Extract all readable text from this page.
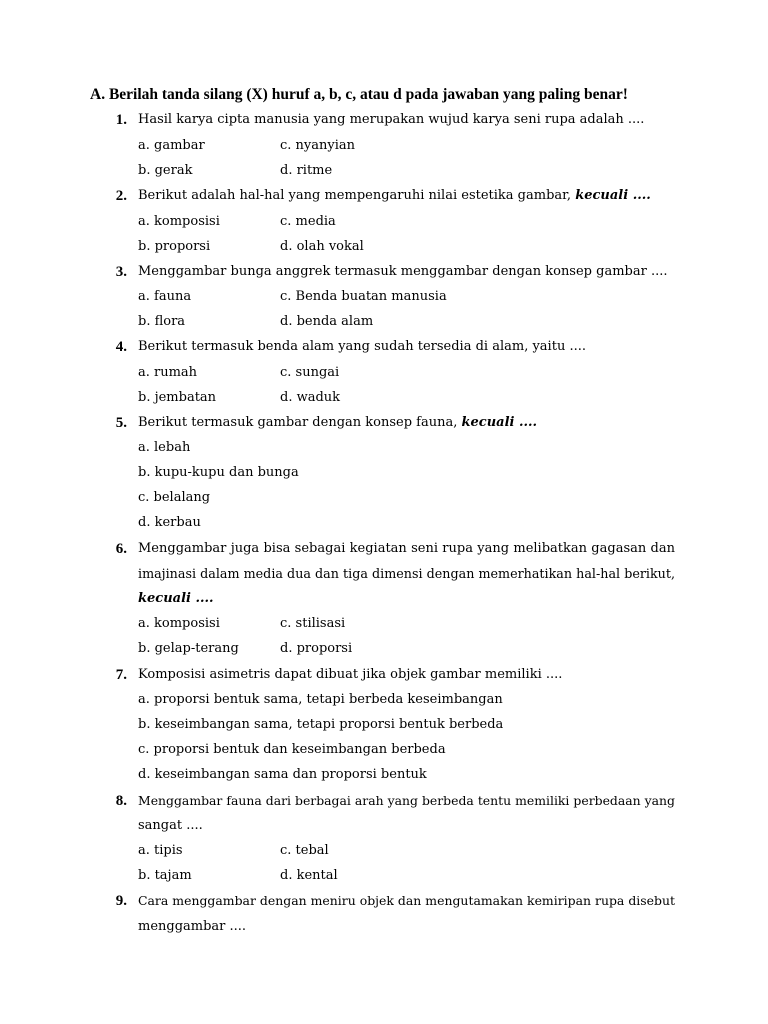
A. Berilah tanda silang (X) huruf a, b, c, atau d pada jawaban yang paling benar!
1. Hasil karya cipta manusia yang merupakan wujud karya seni rupa adalah ....
a. gambar	c. nyanyian
b. gerak	d. ritme
2. Berikut adalah hal-hal yang mempengaruhi nilai estetika gambar, kecuali ....
a. komposisi	c. media
b. proporsi	d. olah vokal
3. Menggambar bunga anggrek termasuk menggambar dengan konsep gambar ....
a. fauna	c. Benda buatan manusia
b. flora	d. benda alam
4. Berikut termasuk benda alam yang sudah tersedia di alam, yaitu ....
a. rumah	c. sungai
b. jembatan	d. waduk
5. Berikut termasuk gambar dengan konsep fauna, kecuali ....
a. lebah
b. kupu-kupu dan bunga
c. belalang
d. kerbau
6. Menggambar juga bisa sebagai kegiatan seni rupa yang melibatkan gagasan dan
imajinasi dalam media dua dan tiga dimensi dengan memerhatikan hal-hal berikut,
kecuali ....
a. komposisi	c. stilisasi
b. gelap-terang	d. proporsi
7. Komposisi asimetris dapat dibuat jika objek gambar memiliki ....
a. proporsi bentuk sama, tetapi berbeda keseimbangan
b. keseimbangan sama, tetapi proporsi bentuk berbeda
c. proporsi bentuk dan keseimbangan berbeda
d. keseimbangan sama dan proporsi bentuk
8. Menggambar fauna dari berbagai arah yang berbeda tentu memiliki perbedaan yang
sangat ....
a. tipis	c. tebal
b. tajam	d. kental
9. Cara menggambar dengan meniru objek dan mengutamakan kemiripan rupa disebut
menggambar ....
